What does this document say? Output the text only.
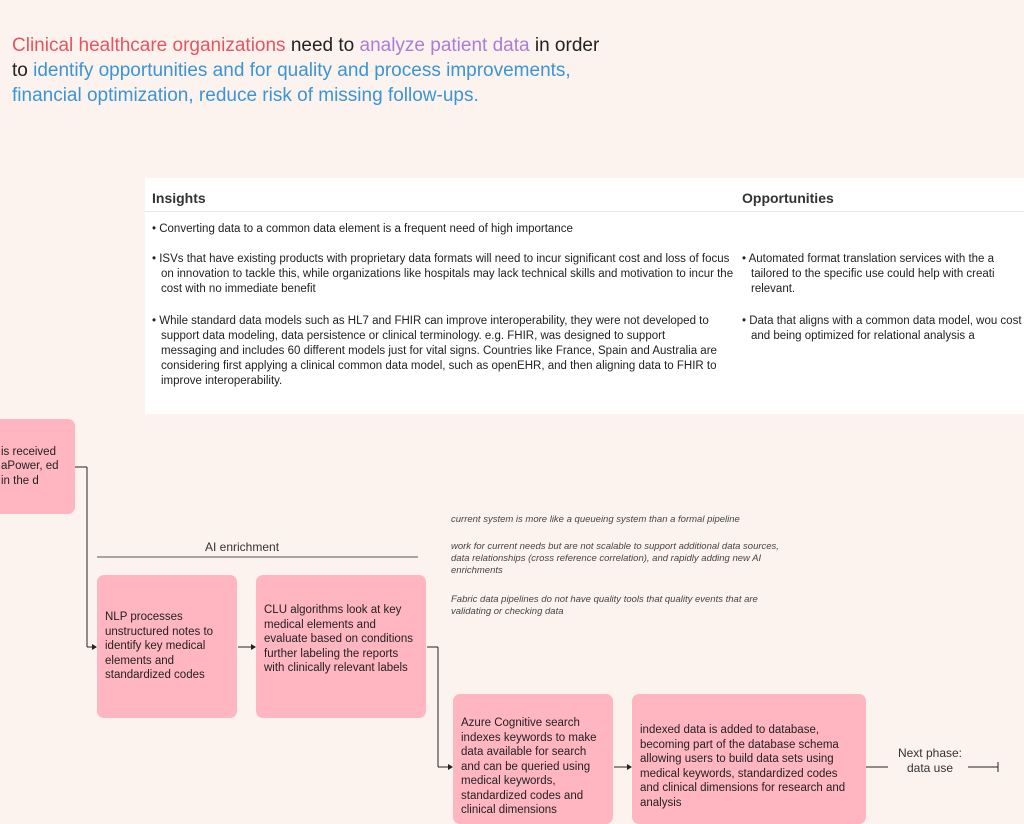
Clinical healthcare organizations need to analyze patient data in order to identify opportunities and for quality and process improvements, financial optimization, reduce risk of missing follow-ups.
Insights	Opportunities
• Converting data to a common data element is a frequent need of high importance
• ISVs that have existing products with proprietary data formats will need to incur significant cost and loss of focus on innovation to tackle this, while organizations like hospitals may lack technical skills and motivation to incur the cost with no immediate benefit
• While standard data models such as HL7 and FHIR can improve interoperability, they were not developed to support data modeling, data persistence or clinical terminology. e.g. FHIR, was designed to support messaging and includes 60 different models just for vital signs. Countries like France, Spain and Australia are considering first applying a clinical common data model, such as openEHR, and then aligning data to FHIR to improve interoperability.
• Automated format translation services with the a tailored to the specific use could help with creati relevant.
• Data that aligns with a common data model, wou cost and being optimized for relational analysis a
is received aPower, ed in the d
AI enrichment
NLP processes unstructured notes to identify key medical elements and standardized codes
CLU algorithms look at key medical elements and evaluate based on conditions further labeling the reports with clinically relevant labels
Azure Cognitive search indexes keywords to make data available for search and can be queried using medical keywords, standardized codes and clinical dimensions
indexed data is added to database, becoming part of the database schema allowing users to build data sets using medical keywords, standardized codes and clinical dimensions for research and analysis
Next phase: data use
current system is more like a queueing system than a formal pipeline
work for current needs but are not scalable to support additional data sources, data relationships (cross reference correlation), and rapidly adding new AI enrichments
Fabric data pipelines do not have quality tools that quality events that are validating or checking data
